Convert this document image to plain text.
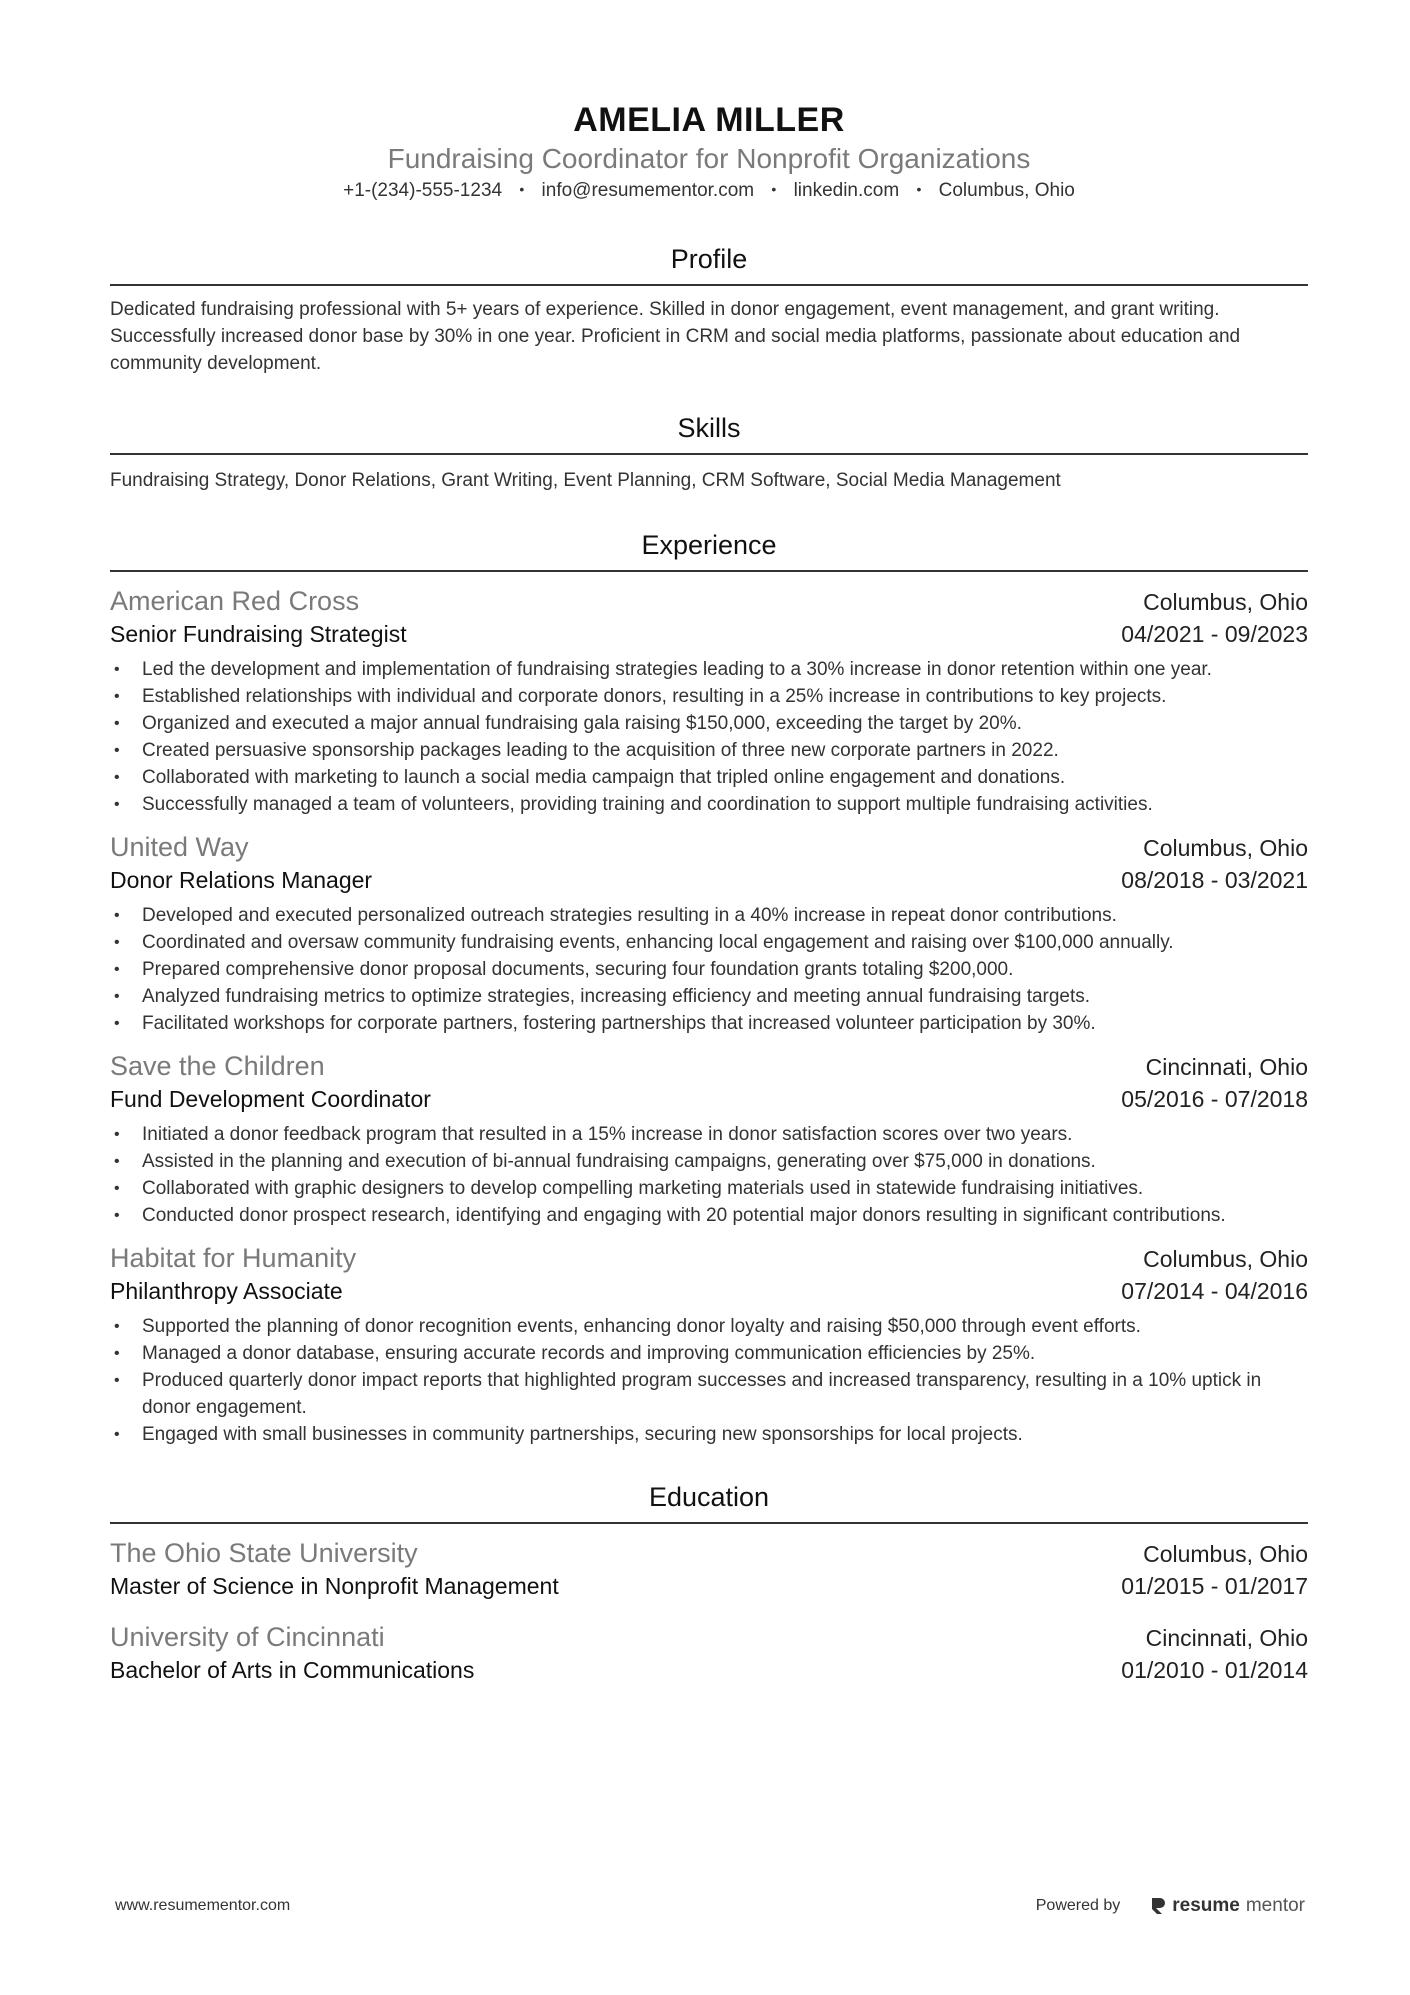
AMELIA MILLER
Fundraising Coordinator for Nonprofit Organizations
+1-(234)-555-1234 • info@resumementor.com • linkedin.com • Columbus, Ohio
Profile
Dedicated fundraising professional with 5+ years of experience. Skilled in donor engagement, event management, and grant writing. Successfully increased donor base by 30% in one year. Proficient in CRM and social media platforms, passionate about education and community development.
Skills
Fundraising Strategy, Donor Relations, Grant Writing, Event Planning, CRM Software, Social Media Management
Experience
American Red Cross	Columbus, Ohio
Senior Fundraising Strategist	04/2021 - 09/2023
• Led the development and implementation of fundraising strategies leading to a 30% increase in donor retention within one year.
• Established relationships with individual and corporate donors, resulting in a 25% increase in contributions to key projects.
• Organized and executed a major annual fundraising gala raising $150,000, exceeding the target by 20%.
• Created persuasive sponsorship packages leading to the acquisition of three new corporate partners in 2022.
• Collaborated with marketing to launch a social media campaign that tripled online engagement and donations.
• Successfully managed a team of volunteers, providing training and coordination to support multiple fundraising activities.
United Way	Columbus, Ohio
Donor Relations Manager	08/2018 - 03/2021
• Developed and executed personalized outreach strategies resulting in a 40% increase in repeat donor contributions.
• Coordinated and oversaw community fundraising events, enhancing local engagement and raising over $100,000 annually.
• Prepared comprehensive donor proposal documents, securing four foundation grants totaling $200,000.
• Analyzed fundraising metrics to optimize strategies, increasing efficiency and meeting annual fundraising targets.
• Facilitated workshops for corporate partners, fostering partnerships that increased volunteer participation by 30%.
Save the Children	Cincinnati, Ohio
Fund Development Coordinator	05/2016 - 07/2018
• Initiated a donor feedback program that resulted in a 15% increase in donor satisfaction scores over two years.
• Assisted in the planning and execution of bi-annual fundraising campaigns, generating over $75,000 in donations.
• Collaborated with graphic designers to develop compelling marketing materials used in statewide fundraising initiatives.
• Conducted donor prospect research, identifying and engaging with 20 potential major donors resulting in significant contributions.
Habitat for Humanity	Columbus, Ohio
Philanthropy Associate	07/2014 - 04/2016
• Supported the planning of donor recognition events, enhancing donor loyalty and raising $50,000 through event efforts.
• Managed a donor database, ensuring accurate records and improving communication efficiencies by 25%.
• Produced quarterly donor impact reports that highlighted program successes and increased transparency, resulting in a 10% uptick in donor engagement.
• Engaged with small businesses in community partnerships, securing new sponsorships for local projects.
Education
The Ohio State University	Columbus, Ohio
Master of Science in Nonprofit Management	01/2015 - 01/2017
University of Cincinnati	Cincinnati, Ohio
Bachelor of Arts in Communications	01/2010 - 01/2014
www.resumementor.com	Powered by	resume mentor
